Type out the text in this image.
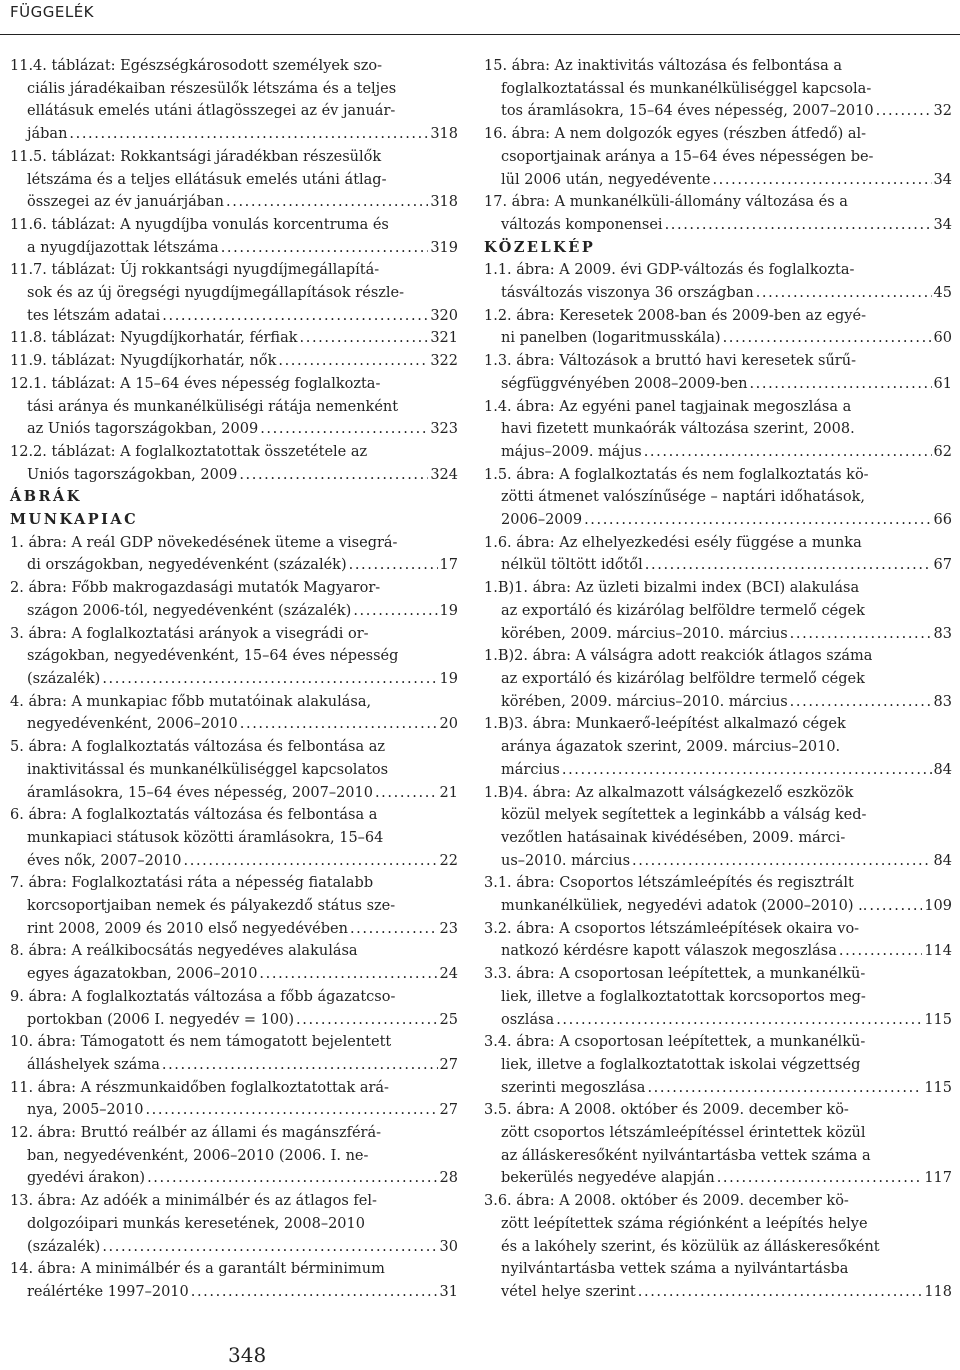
FÜGGELÉK
11.4. táblázat: Egészségkárosodott személyek szo-
ciális járadékaiban részesülők létszáma és a teljes
ellátásuk emelés utáni átlagösszegei az év január-
jában . . .	318
11.5. táblázat: Rokkantsági járadékban részesülők
létszáma és a teljes ellátásuk emelés utáni átlag-
összegei az év januárjában . . .	318
11.6. táblázat: A nyugdíjba vonulás korcentruma és
a nyugdíjazottak létszáma . . .	319
11.7. táblázat: Új rokkantsági nyugdíjmegállapítá-
sok és az új öregségi nyugdíjmegállapítások részle-
tes létszám adatai . . .	320
11.8. táblázat: Nyugdíjkorhatár, férfiak . . .	321
11.9. táblázat: Nyugdíjkorhatár, nők . . .	322
12.1. táblázat: A 15–64 éves népesség foglalkozta-
tási aránya és munkanélküliségi rátája nemenként
az Uniós tagországokban, 2009 . . .	323
12.2. táblázat: A foglalkoztatottak összetétele az
Uniós tagországokban, 2009 . . .	324
ÁBRÁK
MUNKAPIAC
1. ábra: A reál GDP növekedésének üteme a visegrá-
di országokban, negyedévenként (százalék) . . .	17
2. ábra: Főbb makrogazdasági mutatók Magyaror-
szágon 2006-tól, negyedévenként (százalék) . . .	19
3. ábra: A foglalkoztatási arányok a visegrádi or-
szágokban, negyedévenként, 15–64 éves népesség
(százalék) . . .	19
4. ábra: A munkapiac főbb mutatóinak alakulása,
negyedévenként, 2006–2010 . . .	20
5. ábra: A foglalkoztatás változása és felbontása az
inaktivitással és munkanélküliséggel kapcsolatos
áramlásokra, 15–64 éves népesség, 2007–2010 . . .	21
6. ábra: A foglalkoztatás változása és felbontása a
munkapiaci státusok közötti áramlásokra, 15–64
éves nők, 2007–2010 . . .	22
7. ábra: Foglalkoztatási ráta a népesség fiatalabb
korcsoportjaiban nemek és pályakezdő státus sze-
rint 2008, 2009 és 2010 első negyedévében . . .	23
8. ábra: A reálkibocsátás negyedéves alakulása
egyes ágazatokban, 2006–2010 . . .	24
9. ábra: A foglalkoztatás változása a főbb ágazatcso-
portokban (2006 I. negyedév = 100) . . .	25
10. ábra: Támogatott és nem támogatott bejelentett
álláshelyek száma . . .	27
11. ábra: A részmunkaidőben foglalkoztatottak ará-
nya, 2005–2010 . . .	27
12. ábra: Bruttó reálbér az állami és magánszférá-
ban, negyedévenként, 2006–2010 (2006. I. ne-
gyedévi árakon) . . .	28
13. ábra: Az adóék a minimálbér és az átlagos fel-
dolgozóipari munkás keresetének, 2008–2010
(százalék) . . .	30
14. ábra: A minimálbér és a garantált bérminimum
reálértéke 1997–2010 . . .	31
15. ábra: Az inaktivitás változása és felbontása a
foglalkoztatással és munkanélküliséggel kapcsola-
tos áramlásokra, 15–64 éves népesség, 2007–2010 . . .	32
16. ábra: A nem dolgozók egyes (részben átfedő) al-
csoportjainak aránya a 15–64 éves népességen be-
lül 2006 után, negyedévente . . .	34
17. ábra: A munkanélküli-állomány változása és a
változás komponensei . . .	34
KÖZELKÉP
1.1. ábra: A 2009. évi GDP-változás és foglalkozta-
tásváltozás viszonya 36 országban . . .	45
1.2. ábra: Keresetek 2008-ban és 2009-ben az egyé-
ni panelben (logaritmusskála) . . .	60
1.3. ábra: Változások a bruttó havi keresetek sűrű-
ségfüggvényében 2008–2009-ben . . .	61
1.4. ábra: Az egyéni panel tagjainak megoszlása a
havi fizetett munkaórák változása szerint, 2008.
május–2009. május . . .	62
1.5. ábra: A foglalkoztatás és nem foglalkoztatás kö-
zötti átmenet valószínűsége – naptári időhatások,
2006–2009 . . .	66
1.6. ábra: Az elhelyezkedési esély függése a munka
nélkül töltött időtől . . .	67
1.B)1. ábra: Az üzleti bizalmi index (BCI) alakulása
az exportáló és kizárólag belföldre termelő cégek
körében, 2009. március–2010. március . . .	83
1.B)2. ábra: A válságra adott reakciók átlagos száma
az exportáló és kizárólag belföldre termelő cégek
körében, 2009. március–2010. március . . .	83
1.B)3. ábra: Munkaerő-leépítést alkalmazó cégek
aránya ágazatok szerint, 2009. március–2010.
március . . .	84
1.B)4. ábra: Az alkalmazott válságkezelő eszközök
közül melyek segítettek a leginkább a válság ked-
vezőtlen hatásainak kivédésében, 2009. márci-
us–2010. március . . .	84
3.1. ábra: Csoportos létszámleépítés és regisztrált
munkanélküliek, negyedévi adatok (2000–2010) .. . . .	109
3.2. ábra: A csoportos létszámleépítések okaira vo-
natkozó kérdésre kapott válaszok megoszlása . . .	114
3.3. ábra: A csoportosan leépítettek, a munkanélkü-
liek, illetve a foglalkoztatottak korcsoportos meg-
oszlása . . .	115
3.4. ábra: A csoportosan leépítettek, a munkanélkü-
liek, illetve a foglalkoztatottak iskolai végzettség
szerinti megoszlása . . .	115
3.5. ábra: A 2008. október és 2009. december kö-
zött csoportos létszámleépítéssel érintettek közül
az álláskeresőként nyilvántartásba vettek száma a
bekerülés negyedéve alapján . . .	117
3.6. ábra: A 2008. október és 2009. december kö-
zött leépítettek száma régiónként a leépítés helye
és a lakóhely szerint, és közülük az álláskeresőként
nyilvántartásba vettek száma a nyilvántartásba
vétel helye szerint . . .	118
348
